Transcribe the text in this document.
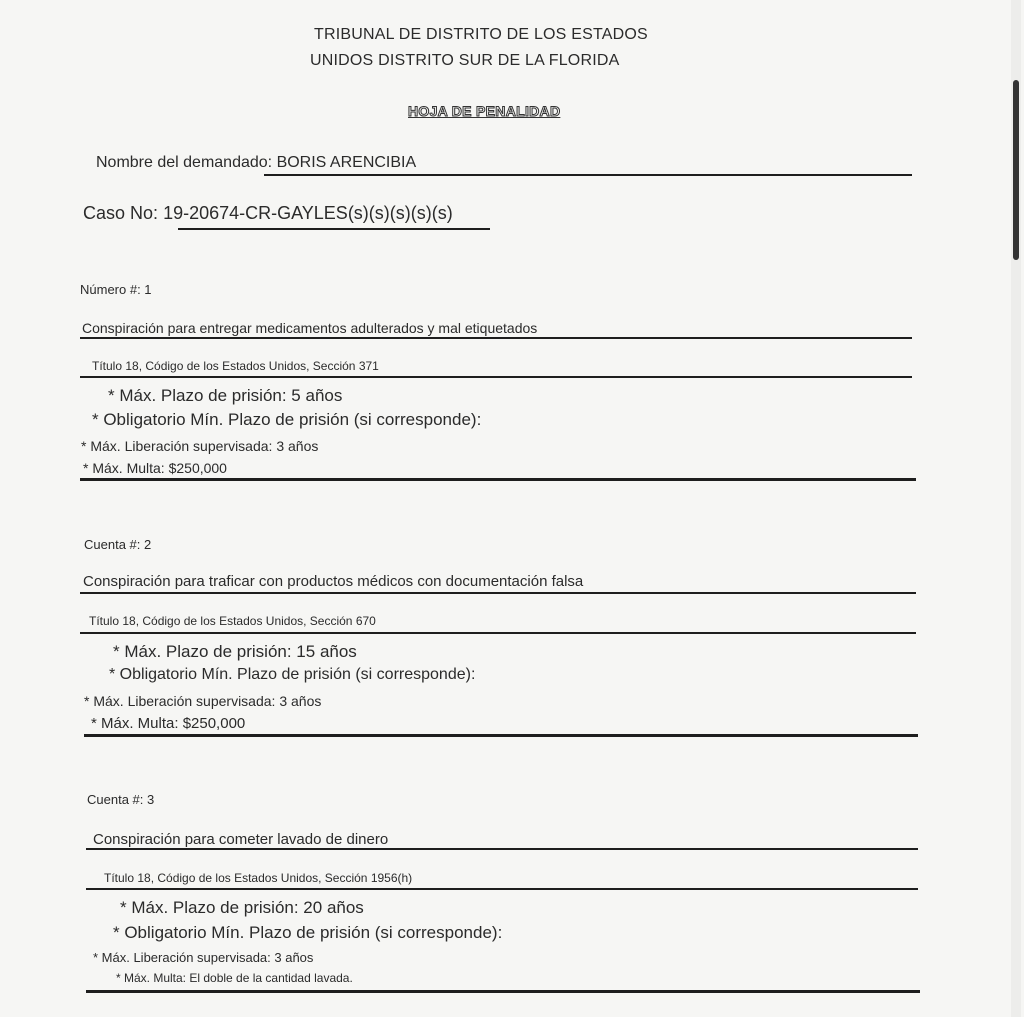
TRIBUNAL DE DISTRITO DE LOS ESTADOS
UNIDOS DISTRITO SUR DE LA FLORIDA
HOJA DE PENALIDAD
Nombre del demandado: BORIS ARENCIBIA
Caso No: 19-20674-CR-GAYLES(s)(s)(s)(s)(s)
Número #: 1
Conspiración para entregar medicamentos adulterados y mal etiquetados
Título 18, Código de los Estados Unidos, Sección 371
* Máx. Plazo de prisión: 5 años
* Obligatorio Mín. Plazo de prisión (si corresponde):
* Máx. Liberación supervisada: 3 años
* Máx. Multa: $250,000
Cuenta #: 2
Conspiración para traficar con productos médicos con documentación falsa
Título 18, Código de los Estados Unidos, Sección 670
* Máx. Plazo de prisión: 15 años
* Obligatorio Mín. Plazo de prisión (si corresponde):
* Máx. Liberación supervisada: 3 años
* Máx. Multa: $250,000
Cuenta #: 3
Conspiración para cometer lavado de dinero
Título 18, Código de los Estados Unidos, Sección 1956(h)
* Máx. Plazo de prisión: 20 años
* Obligatorio Mín. Plazo de prisión (si corresponde):
* Máx. Liberación supervisada: 3 años
* Máx. Multa: El doble de la cantidad lavada.
